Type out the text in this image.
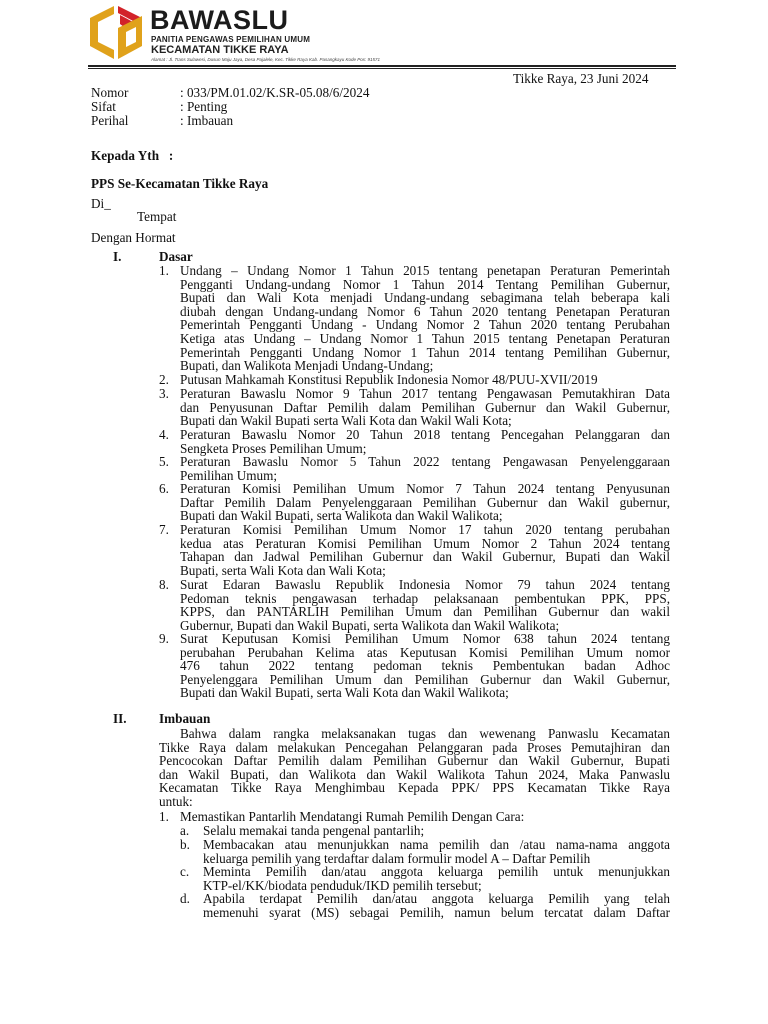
BAWASLU
PANITIA PENGAWAS PEMILIHAN UMUM
KECAMATAN TIKKE RAYA
Alamat : Jl. Trans Sulawesi, Dusun Maju Jaya, Desa Pajalele, Kec. Tikke Raya Kab. Pasangkayu Kode Pos: 91571
Tikke Raya, 23 Juni 2024
Nomor	: 033/PM.01.02/K.SR-05.08/6/2024
Sifat	: Penting
Perihal	: Imbauan
Kepada Yth   :
PPS Se-Kecamatan Tikke Raya
Di_
Tempat
Dengan Hormat
I.	Dasar
1. Undang – Undang Nomor 1 Tahun 2015 tentang penetapan Peraturan Pemerintah
Pengganti Undang-undang Nomor 1 Tahun 2014 Tentang Pemilihan Gubernur,
Bupati dan Wali Kota menjadi Undang-undang sebagimana telah beberapa kali
diubah dengan Undang-undang Nomor 6 Tahun 2020 tentang Penetapan Peraturan
Pemerintah Pengganti Undang - Undang Nomor 2 Tahun 2020 tentang Perubahan
Ketiga atas Undang – Undang Nomor 1 Tahun 2015 tentang Penetapan Peraturan
Pemerintah Pengganti Undang Nomor 1 Tahun 2014 tentang Pemilihan Gubernur,
Bupati, dan Walikota Menjadi Undang-Undang;
2. Putusan Mahkamah Konstitusi Republik Indonesia Nomor 48/PUU-XVII/2019
3. Peraturan Bawaslu Nomor 9 Tahun 2017 tentang Pengawasan Pemutakhiran Data
dan Penyusunan Daftar Pemilih dalam Pemilihan Gubernur dan Wakil Gubernur,
Bupati dan Wakil Bupati serta Wali Kota dan Wakil Wali Kota;
4. Peraturan Bawaslu Nomor 20 Tahun 2018 tentang Pencegahan Pelanggaran dan
Sengketa Proses Pemilihan Umum;
5. Peraturan Bawaslu Nomor 5 Tahun 2022 tentang Pengawasan Penyelenggaraan
Pemilihan Umum;
6. Peraturan Komisi Pemilihan Umum Nomor 7 Tahun 2024 tentang Penyusunan
Daftar Pemilih Dalam Penyelenggaraan Pemilihan Gubernur dan Wakil gubernur,
Bupati dan Wakil Bupati, serta Walikota dan Wakil Walikota;
7. Peraturan Komisi Pemilihan Umum Nomor 17 tahun 2020 tentang perubahan
kedua atas Peraturan Komisi Pemilihan Umum Nomor 2 Tahun 2024 tentang
Tahapan dan Jadwal Pemilihan Gubernur dan Wakil Gubernur, Bupati dan Wakil
Bupati, serta Wali Kota dan Wali Kota;
8. Surat Edaran Bawaslu Republik Indonesia Nomor 79 tahun 2024 tentang
Pedoman teknis pengawasan terhadap pelaksanaan pembentukan PPK, PPS,
KPPS, dan PANTARLIH Pemilihan Umum dan Pemilihan Gubernur dan wakil
Gubernur, Bupati dan Wakil Bupati, serta Walikota dan Wakil Walikota;
9. Surat Keputusan Komisi Pemilihan Umum Nomor 638 tahun 2024 tentang
perubahan Perubahan Kelima atas Keputusan Komisi Pemilihan Umum nomor
476 tahun 2022 tentang pedoman teknis Pembentukan badan Adhoc
Penyelenggara Pemilihan Umum dan Pemilihan Gubernur dan Wakil Gubernur,
Bupati dan Wakil Bupati, serta Wali Kota dan Wakil Walikota;
II. Imbauan
Bahwa dalam rangka melaksanakan tugas dan wewenang Panwaslu Kecamatan
Tikke Raya dalam melakukan Pencegahan Pelanggaran pada Proses Pemutajhiran dan
Pencocokan Daftar Pemilih dalam Pemilihan Gubernur dan Wakil Gubernur, Bupati
dan Wakil Bupati, dan Walikota dan Wakil Walikota Tahun 2024, Maka Panwaslu
Kecamatan Tikke Raya Menghimbau Kepada PPK/ PPS Kecamatan Tikke Raya
untuk:
1. Memastikan Pantarlih Mendatangi Rumah Pemilih Dengan Cara:
a. Selalu memakai tanda pengenal pantarlih;
b. Membacakan atau menunjukkan nama pemilih dan /atau nama-nama anggota
keluarga pemilih yang terdaftar dalam formulir model A – Daftar Pemilih
c. Meminta Pemilih dan/atau anggota keluarga pemilih untuk menunjukkan
KTP-el/KK/biodata penduduk/IKD pemilih tersebut;
d. Apabila terdapat Pemilih dan/atau anggota keluarga Pemilih yang telah
memenuhi syarat (MS) sebagai Pemilih, namun belum tercatat dalam Daftar
